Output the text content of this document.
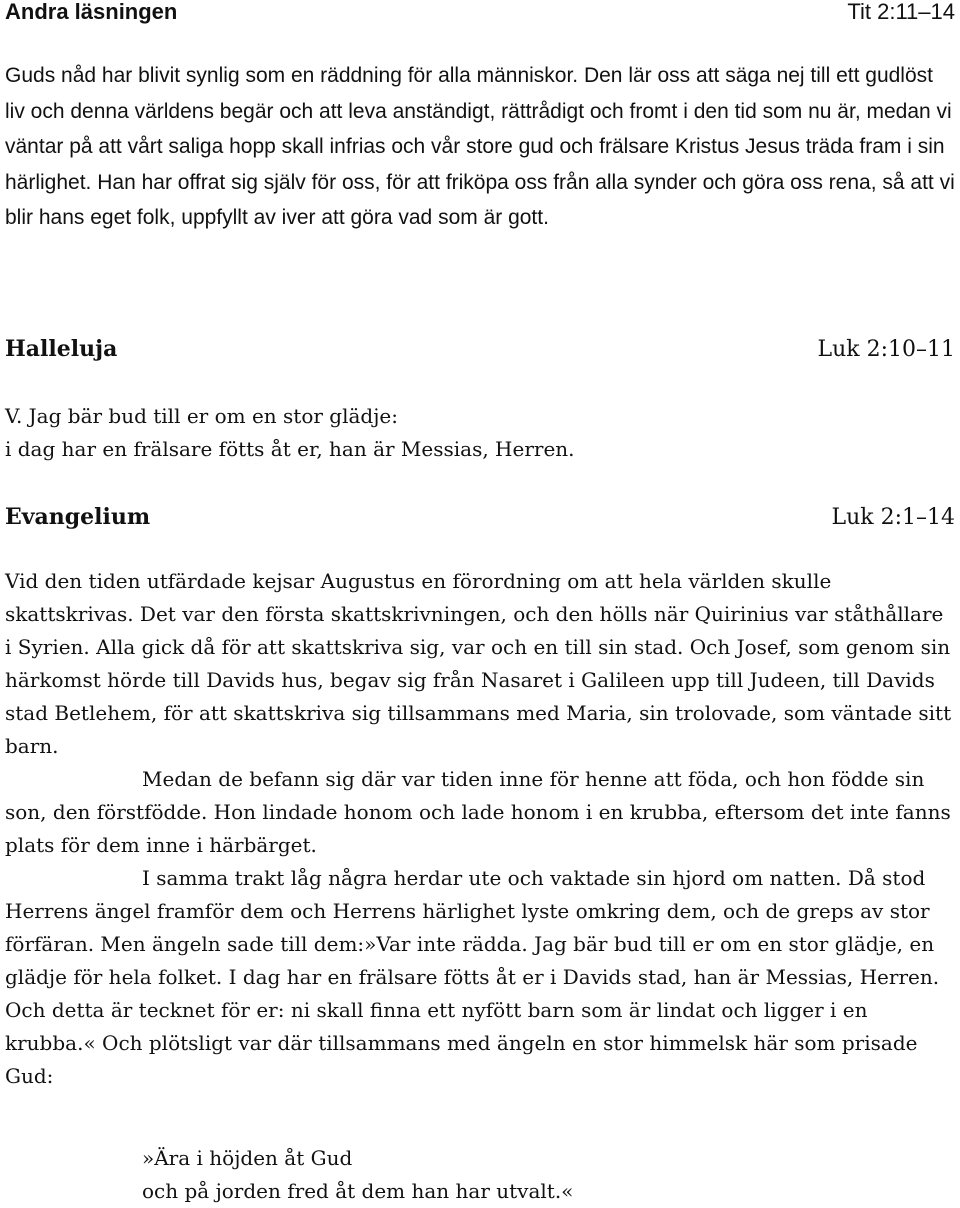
Andra läsningen	Tit 2:11–14

Guds nåd har blivit synlig som en räddning för alla människor. Den lär oss att säga nej till ett gudlöst liv och denna världens begär och att leva anständigt, rättrådigt och fromt i den tid som nu är, medan vi väntar på att vårt saliga hopp skall infrias och vår store gud och frälsare Kristus Jesus träda fram i sin härlighet. Han har offrat sig själv för oss, för att friköpa oss från alla synder och göra oss rena, så att vi blir hans eget folk, uppfyllt av iver att göra vad som är gott.

Halleluja	Luk 2:10–11

V. Jag bär bud till er om en stor glädje:

i dag har en frälsare fötts åt er, han är Messias, Herren.

Evangelium	Luk 2:1–14

Vid den tiden utfärdade kejsar Augustus en förordning om att hela världen skulle skattskrivas. Det var den första skattskrivningen, och den hölls när Quirinius var ståthållare i Syrien. Alla gick då för att skattskriva sig, var och en till sin stad. Och Josef, som genom sin härkomst hörde till Davids hus, begav sig från Nasaret i Galileen upp till Judeen, till Davids stad Betlehem, för att skattskriva sig tillsammans med Maria, sin trolovade, som väntade sitt barn.

Medan de befann sig där var tiden inne för henne att föda, och hon födde sin son, den förstfödde. Hon lindade honom och lade honom i en krubba, eftersom det inte fanns plats för dem inne i härbärget.

I samma trakt låg några herdar ute och vaktade sin hjord om natten. Då stod Herrens ängel framför dem och Herrens härlighet lyste omkring dem, och de greps av stor förfäran. Men ängeln sade till dem:»Var inte rädda. Jag bär bud till er om en stor glädje, en glädje för hela folket. I dag har en frälsare fötts åt er i Davids stad, han är Messias, Herren. Och detta är tecknet för er: ni skall finna ett nyfött barn som är lindat och ligger i en krubba.« Och plötsligt var där tillsammans med ängeln en stor himmelsk här som prisade Gud:

»Ära i höjden åt Gud

och på jorden fred åt dem han har utvalt.«
